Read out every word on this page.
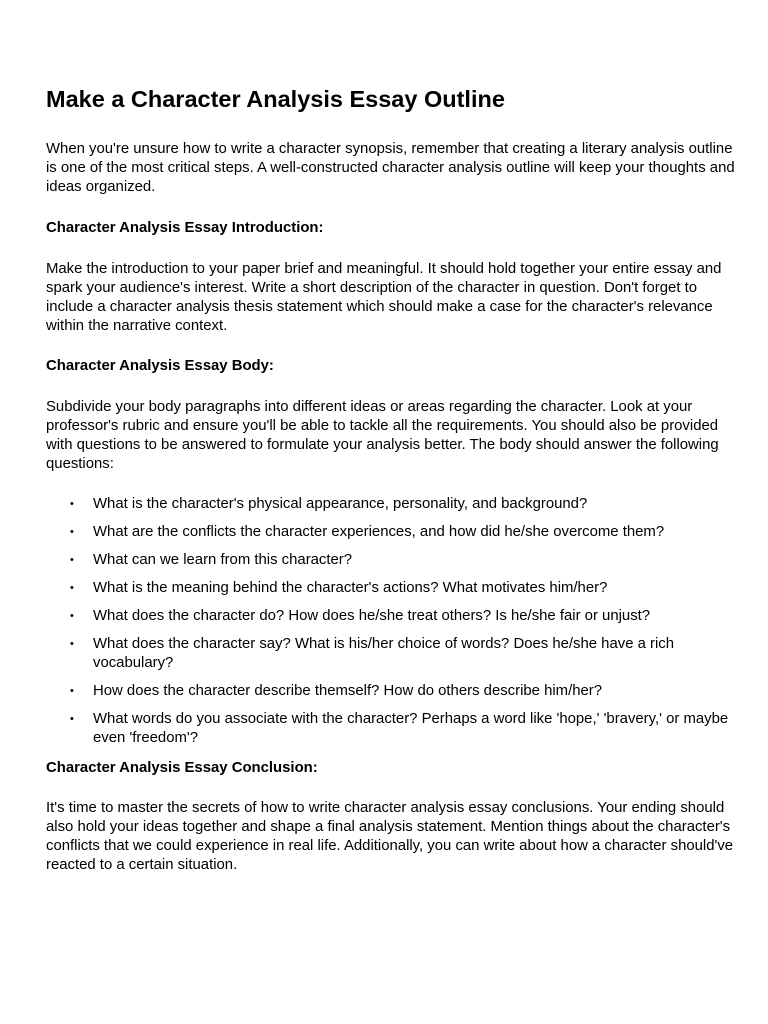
Make a Character Analysis Essay Outline

When you're unsure how to write a character synopsis, remember that creating a literary analysis outline is one of the most critical steps. A well-constructed character analysis outline will keep your thoughts and ideas organized.

Character Analysis Essay Introduction:

Make the introduction to your paper brief and meaningful. It should hold together your entire essay and spark your audience's interest. Write a short description of the character in question. Don't forget to include a character analysis thesis statement which should make a case for the character's relevance within the narrative context.

Character Analysis Essay Body:

Subdivide your body paragraphs into different ideas or areas regarding the character. Look at your professor's rubric and ensure you'll be able to tackle all the requirements. You should also be provided with questions to be answered to formulate your analysis better. The body should answer the following questions:

• What is the character's physical appearance, personality, and background?
• What are the conflicts the character experiences, and how did he/she overcome them?
• What can we learn from this character?
• What is the meaning behind the character's actions? What motivates him/her?
• What does the character do? How does he/she treat others? Is he/she fair or unjust?
• What does the character say? What is his/her choice of words? Does he/she have a rich vocabulary?
• How does the character describe themself? How do others describe him/her?
• What words do you associate with the character? Perhaps a word like 'hope,' 'bravery,' or maybe even 'freedom'?
Character Analysis Essay Conclusion:

It's time to master the secrets of how to write character analysis essay conclusions. Your ending should also hold your ideas together and shape a final analysis statement. Mention things about the character's conflicts that we could experience in real life. Additionally, you can write about how a character should've reacted to a certain situation.
